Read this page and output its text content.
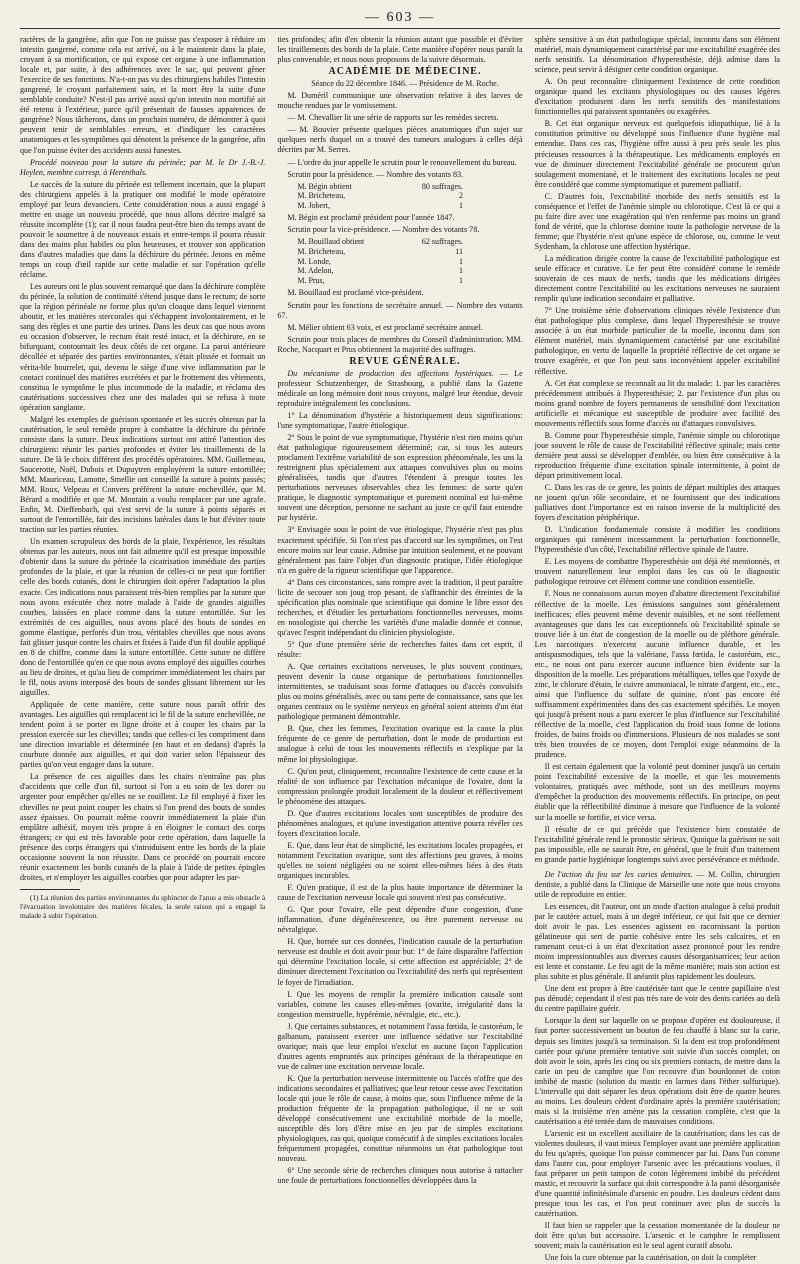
— 603 —

ractères de la gangrène, afin que l'on ne puisse pas s'exposer à réduire un intestin gangrené, comme cela est arrivé, ou à le maintenir dans la plaie, croyant à sa mortification, ce qui expose cet organe à une inflammation locale et, par suite, à des adhérences avec le sac, qui peuvent gêner l'exercice de ses fonctions. N'a-t-on pas vu des chirurgiens habiles l'intestin gangrené, le croyant parfaitement sain, et la mort être la suite d'une semblable conduite? N'est-il pas arrivé aussi qu'on intestin non mortifié ait été retenu à l'extérieur, parce qu'il présentait de fausses apparences de gangrène? Nous tâcherons, dans un prochain numéro, de démontrer à quoi peuvent tenir de semblables erreurs, et d'indiquer les caractères anatomiques et les symptômes qui dénotent la présence de la gangrène, afin que l'on puisse éviter des accidents aussi funestes.

Procédé nouveau pour la suture du périnée; par M. le Dr J.-B.-J. Heylen, membre corresp. à Herenthals.

Le succès de la suture du périnée est tellement incertain, que la plupart des chirurgiens appelés à la pratiquer ont modifié le mode opératoire employé par leurs devanciers. Cette considération nous a aussi engagé à mettre en usage un nouveau procédé, que nous allons décrire malgré sa réussite incomplète (1); car il nous faudra peut-être bien du temps avant de pouvoir le soumettre à de nouveaux essais et entre-temps il pourra réussir dans des mains plus habiles ou plus heureuses, et trouver son application dans d'autres maladies que dans la déchirure du périnée. Jetons en même temps un coup d'œil rapide sur cette maladie et sur l'opération qu'elle réclame.

Les auteurs ont le plus souvent remarqué que dans la déchirure complète du périnée, la solution de continuité s'étend jusque dans le rectum; de sorte que la région périnéale ne forme plus qu'un cloaque dans lequel viennent aboutir, et les matières stercorales qui s'échappent involontairement, et le sang des règles et une partie des urines. Dans les deux cas que nous avons eu occasion d'observer, le rectum était resté intact, et la déchirure, en se bifurquant, contournait les deux côtés de cet organe. La paroi antérieure décollée et séparée des parties environnantes, s'était plissée et formait un vérita-ble bourrelet, qui, devenu le siège d'une vive inflammation par le contact continuel des matières excrétées et par le frottement des vêtements, constitua le symptôme le plus incommode de la maladie, et réclama des cautérisations successives chez une des malades qui se refusa à toute opération sanglante.

Malgré les exemples de guérison spontanée et les succès obtenus par la cautérisation, le seul remède propre à combattre la déchirure du périnée consiste dans la suture. Deux indications surtout ont attiré l'attention des chirurgiens: réunir les parties profondes et éviter les tiraillements de la suture. De là le choix différent des procédés opératoires. MM. Guillemeau, Saucerotte, Noël, Dubois et Dupuytren employèrent la suture entortillée; MM. Mauriceau, Lamotte, Smellie ont conseillé la suture à points passés; MM. Roux, Velpeau et Convers préfèrent la suture enchevillée, que M. Bérard a modifiée et que M. Montain a voulu remplacer par une agrafe. Enfin, M. Dieffenbach, qui s'est servi de la suture à points séparés et surtout de l'entortillée, fait des incisions latérales dans le but d'éviter toute traction sur les parties réunies.

Un examen scrupuleux des bords de la plaie, l'expérience, les résultats obtenus par les auteurs, nous ont fait admettre qu'il est presque impossible d'obtenir dans la suture du périnée la cicatrisation immédiate des parties profondes de la plaie, et que la réunion de celles-ci ne peut que fortifier celle des bords cutanés, dont le chirurgien doit opérer l'adaptation la plus exacte. Ces indications nous paraissent très-bien remplies par la suture que nous avons exécutée chez notre malade à l'aide de grandes aiguilles courbes, laissées en place comme dans la suture entortillée. Sur les extrémités de ces aiguilles, nous avons placé des bouts de sondes en gomme élastique, perforés d'un trou, véritables chevilles que nous avons fait glisser jusque contre les chairs et fixées à l'aide d'un fil double appliqué en 8 de chiffre, comme dans la suture entortillée. Cette suture ne diffère donc de l'entortillée qu'en ce que nous avons employé des aiguilles courbes au lieu de droites, et qu'au lieu de comprimer immédiatement les chairs par le fil, nous avons interposé des bouts de sondes glissant librement sur les aiguilles.

Appliquée de cette manière, cette suture nous paraît offrir des avantages. Les aiguilles qui remplacent ici le fil de la suture enchevillée, ne tendent point à se porter en ligne droite et à couper les chairs par la pression exercée sur les chevilles; tandis que celles-ci les compriment dans une direction invariable et déterminée (en haut et en dedans) d'après la courbure donnée aux aiguilles, et qui doit varier selon l'épaisseur des parties qu'on veut engager dans la suture.

La présence de ces aiguilles dans les chairs n'entraîne pas plus d'accidents que celle d'un fil, surtout si l'on a eu soin de les dorer ou argenter pour empêcher qu'elles ne se rouillent. Le fil employé à fixer les chevilles ne peut point couper les chairs si l'on prend des bouts de sondes assez épaisses. On pourrait même couvrir immédiatement la plaie d'un emplâtre adhésif, moyen très propre à en éloigner le contact des corps étrangers; ce qui est très favorable pour cette opération, dans laquelle la présence des corps étrangers qui s'introduisent entre les bords de la plaie occasionne souvent la non réussite. Dans ce procédé on pourrait encore réunir exactement les bords cutanés de la plaie à l'aide de petites épingles droites, et n'employer les aiguilles courbes que pour adapter les par-

(1) La réunion des parties environnantes du sphincter de l'anus a mis obstacle à l'évacuation involontaire des matières fécales, la seule raison qui a engagé la malade à subir l'opération.

ties profondes; afin d'en obtenir la réunion autant que possible et d'éviter les tiraillements des bords de la plaie. Cette manière d'opérer nous paraît la plus convenable, et nous nous proposons de la suivre désormais.

ACADÉMIE DE MÉDECINE.

Séance du 22 décembre 1846. — Présidence de M. Roche.

M. Duméril communique une observation relative à des larves de mouche rendues par le vomissement.

— M. Chevallier lit une série de rapports sur les remèdes secrets.

— M. Bouvier présente quelques pièces anatomiques d'un sujet sur quelques nerfs duquel on a trouvé des tumeurs analogues à celles déjà décrites par M. Serres.

— L'ordre du jour appelle le scrutin pour le renouvellement du bureau.

Scrutin pour la présidence. — Nombre des votants 83.

M. Bégin obtient	80 suffrages.
M. Bricheteau,	2
M. Jobert,	1

M. Bégin est proclamé président pour l'année 1847.

Scrutin pour la vice-présidence. — Nombre des votants 78.

M. Bouillaud obtient	62 suffrages.
M. Bricheteau,	11
M. Londe,	1
M. Adelon,	1
M. Prus,	1

M. Bouillaud est proclamé vice-président.

Scrutin pour les fonctions de secrétaire annuel. — Nombre des votants 67.

M. Mélier obtient 63 voix, et est proclamé secrétaire annuel.

Scrutin pour trois places de membres du Conseil d'administration. MM. Roche, Nacquart et Prus obtiennent la majorité des suffrages.

REVUE GÉNÉRALE.

Du mécanisme de production des affections hystériques. — Le professeur Schutzenberger, de Strasbourg, a publié dans la Gazette médicale un long mémoire dont nous croyons, malgré leur étendue, devoir reproduire intégralement les conclusions.

1° La dénomination d'hystérie a historiquement deux significations: l'une symptomatique, l'autre étiologique.

2° Sous le point de vue symptomatique, l'hystérie n'est rien moins qu'un état pathologique rigoureusement déterminé; car, si tous les auteurs proclament l'extrême variabilité de son expression phénoménale, les uns la restreignent plus spécialement aux attaques convulsives plus ou moins généralisées, tandis que d'autres l'étendent à presque toutes les perturbations nerveuses observables chez les femmes: de sorte qu'en pratique, le diagnostic symptomatique et purement nominal est lui-même souvent une déception, personne ne sachant au juste ce qu'il faut entendre par hystérie.

3° Envisagée sous le point de vue étiologique, l'hystérie n'est pas plus exactement spécifiée. Si l'on n'est pas d'accord sur les symptômes, on l'est encore moins sur leur cause. Admise par intuition seulement, et ne pouvant généralement pas faire l'objet d'un diagnostic pratique, l'idée étiologique n'a en guère de la rigueur scientifique que l'apparence.

4° Dans ces circonstances, sans rompre avec la tradition, il peut paraître licite de secouer son joug trop pesant, de s'affranchir des étreintes de la spécification plus nominale que scientifique qui domine le libre essor des recherches, et d'étudier les perturbations fonctionnelles nerveuses, moins en nosologiste qui cherche les variétés d'une maladie donnée et connue, qu'avec l'esprit indépendant du clinicien physiologiste.

5° Que d'une première série de recherches faites dans cet esprit, il résulte:

A. Que certaines excitations nerveuses, le plus souvent continues, peuvent devenir la cause organique de perturbations fonctionnelles intermittentes, se traduisant sous forme d'attaques ou d'accès convulsifs plus ou moins généralisés, avec ou sans perte de connaissance, sans que les organes centraux ou le système nerveux en général soient atteints d'un état pathologique permanent démontrable.

B. Que, chez les femmes, l'excitation ovarique est la cause la plus fréquente de ce genre de perturbation, dont le mode de production est analogue à celui de tous les mouvements réflectifs et s'explique par la même loi physiologique.

C. Qu'on peut, cliniquement, reconnaître l'existence de cette cause et la réalité de son influence par l'excitation mécanique de l'ovaire, dont la compression prolongée produit localement de la douleur et réflectivement le phénomène des attaques.

D. Que d'autres excitations locales sont susceptibles de produire des phénomènes analogues, et qu'une investigation attentive pourra révéler ces foyers d'excitation locale.

E. Que, dans leur état de simplicité, les excitations locales propagées, et notamment l'excitation ovarique, sont des affections peu graves, à moins qu'elles ne soient négligées ou ne soient elles-mêmes liées à des états organiques incurables.

F. Qu'en pratique, il est de la plus haute importance de déterminer la cause de l'excitation nerveuse locale qui souvent n'est pas consécutive.

G. Que pour l'ovaire, elle peut dépendre d'une congestion, d'une inflammation, d'une dégénérescence, ou être purement nerveuse ou névralgique.

H. Que, bornée sur ces données, l'indication causale de la perturbation nerveuse est double et doit avoir pour but: 1° de faire disparaître l'affection qui détermine l'excitation locale, si cette affection est appréciable; 2° de diminuer directement l'excitation ou l'excitabilité des nerfs qui représentent le foyer de l'irradiation.

I. Que les moyens de remplir la première indication causale sont variables, comme les causes elles-mêmes (ovarite, irrégularité dans la congestion menstruelle, hypérémie, névralgie, etc., etc.).

J. Que certaines substances, et notamment l'assa fœtida, le castoréum, le galbanum, paraissent exercer une influence sédative sur l'excitabilité ovarique; mais que leur emploi n'exclut en aucune façon l'application d'autres agents empruntés aux principes généraux de la thérapeutique en vue de calmer une excitation nerveuse locale.

K. Que la perturbation nerveuse intermittente ou l'accès n'offre que des indications secondaires et palliatives; que leur retour cesse avec l'excitation locale qui joue le rôle de cause, à moins que, sous l'influence même de la production fréquente de la propagation pathologique, il ne se soit développé consécutivement une excitabilité morbide de la moelle, susceptible dès lors d'être mise en jeu par de simples excitations physiologiques, cas qui, quoique consécutif à de simples excitations locales fréquemment propagées, constitue néanmoins un état pathologique tout nouveau.

6° Une seconde série de recherches cliniques nous autorise à rattacher une foule de perturbations fonctionnelles développées dans la

sphère sensitive à un état pathologique spécial, inconnu dans son élément matériel, mais dynamiquement caractérisé par une excitabilité exagérée des nerfs sensitifs. La dénomination d'hyperesthésie, déjà admise dans la science, peut servir à désigner cette condition organique.

A. On peut reconnaître cliniquement l'existence de cette condition organique quand les excitants physiologiques ou des causes légères d'excitation produisent dans les nerfs sensitifs des manifestations fonctionnelles qui paraissent spontanées ou exagérées.

B. Cet état organique nerveux est quelquefois idiopathique, lié à la constitution primitive ou développé sous l'influence d'une hygiène mal entendue. Dans ces cas, l'hygiène offre aussi à peu près seule les plus précieuses ressources à la thérapeutique. Les médicaments employés en vue de diminuer directement l'excitabilité générale ne procurent qu'un soulagement momentané, et le traitement des excitations locales ne peut être considéré que comme symptomatique et purement palliatif.

C. D'autres fois, l'excitabilité morbide des nerfs sensitifs est la conséquence et l'effet de l'anémie simple ou chlorotique. C'est là ce qui a pu faire dire avec une exagération qui n'en renferme pas moins un grand fond de vérité, que la chlorose domine toute la pathologie nerveuse de la femme; que l'hystérie n'est qu'une espèce de chlorose, ou, comme le veut Sydenham, la chlorose une affection hystérique.

La médication dirigée contre la cause de l'excitabilité pathologique est seule efficace et curative. Le fer peut être considéré comme le remède souverain de ces maux de nerfs, tandis que les médications dirigées directement contre l'excitabilité ou les excitations nerveuses ne sauraient remplir qu'une indication secondaire et palliative.

7° Une troisième série d'observations cliniques révèle l'existence d'un état pathologique plus complexe, dans lequel l'hyperesthésie se trouve associée à un état morbide particulier de la moelle, inconnu dans son élément matériel, mais dynamiquement caractérisé par une excitabilité pathologique, en vertu de laquelle la propriété réflective de cet organe se trouve exagérée, et que l'on peut sans inconvénient appeler excitabilité réflective.

A. Cet état complexe se reconnaît au lit du malade: 1. par les caractères précédemment attribués à l'hyperesthésie; 2. par l'existence d'un plus ou moins grand nombre de foyers permanents de sensibilité dont l'excitation artificielle et mécanique est susceptible de produire avec facilité des mouvements réflectifs sous forme d'accès ou d'attaques convulsives.

B. Comme pour l'hyperesthésie simple, l'anémie simple ou chlorotique joue souvent le rôle de cause de l'excitabilité réflective spinale; mais cette dernière peut aussi se développer d'emblée, ou bien être consécutive à la reproduction fréquente d'une excitation spinale intermittente, à point de départ primitivement local.

C. Dans les cas de ce genre, les points de départ multiples des attaques ne jouent qu'un rôle secondaire, et ne fournissent que des indications palliatives dont l'importance est en raison inverse de la multiplicité des foyers d'excitation périphérique.

D. L'indication fondamentale consiste à modifier les conditions organiques qui ramènent incessamment la perturbation fonctionnelle, l'hyperesthésie d'un côté, l'excitabilité réflective spinale de l'autre.

E. Les moyens de combattre l'hyperesthésie ont déjà été mentionnés, et trouvent naturellement leur emploi dans les cas où le diagnostic pathologique retrouve cet élément comme une condition essentielle.

F. Nous ne connaissons aucun moyen d'abattre directement l'excitabilité réflective de la moelle. Les émissions sanguines sont généralement inefficaces; elles peuvent même devenir nuisibles, et ne sont réellement avantageuses que dans les cas exceptionnels où l'excitabilité spinale se trouve liée à un état de congestion de la moelle ou de pléthore générale. Les narcotiques n'exercent aucune influence durable, et les antispasmodiques, tels que la valériane, l'assa fœtida, le castoréum, etc., etc., ne nous ont paru exercer aucune influence bien évidente sur la disposition de la moelle. Les préparations métalliques, telles que l'oxyde de zinc, le chlorure d'étain, le cuivre ammoniacal, le nitrate d'argent, etc., etc., ainsi que l'influence du sulfate de quinine, n'ont pas encore été suffisamment expérimentées dans des cas exactement spécifiés. Le moyen qui jusqu'à présent nous a paru exercer le plus d'influence sur l'excitabilité réflective de la moelle, c'est l'application du froid sous forme de lotions froides, de bains froids ou d'immersions. Plusieurs de nos malades se sont très bien trouvées de ce moyen, dont l'emploi exige néanmoins de la prudence.

Il est certain également que la volonté peut dominer jusqu'à un certain point l'excitabilité excessive de la moelle, et que les mouvements volontaires, pratiqués avec méthode, sont un des meilleurs moyens d'empêcher la production des mouvements réflectifs. En principe, on peut établir que la réflectibilité diminue à mesure que l'influence de la volonté sur la moelle se fortifie, et vice versa.

Il résulte de ce qui précède que l'existence bien constatée de l'excitabilité générale rend le pronostic sérieux. Quoique la guérison ne soit pas impossible, elle ne saurait être, en général, que le fruit d'un traitement en grande partie hygiénique longtemps suivi avec persévérance et méthode.

De l'action du feu sur les caries dentaires. — M. Collin, chirurgien dentiste, a publié dans la Clinique de Marseille une note que nous croyons utile de reproduire en entier.

Les essences, dit l'auteur, ont un mode d'action analogue à celui produit par le cautère actuel, mais à un degré inférieur, ce qui fait que ce dernier doit avoir le pas. Les essences agissent en racornissant la portion gélatineuse qui sert de partie cohésive entre les sels calcaires, et en ramenant ceux-ci à un état d'excitation assez prononcé pour les rendre moins impressionnables aux diverses causes désorganisatrices; leur action est lente et constante. Le feu agit de la même manière; mais son action est plus subite et plus générale. Il anéantit plus rapidement les douleurs.

Une dent est propre à être cautérisée tant que le centre papillaire n'est pas dénudé; cependant il n'est pas très rare de voir des dents cariées au delà du centre papillaire guérir.

Lorsque la dent sur laquelle on se propose d'opérer est douloureuse, il faut porter successivement un bouton de feu chauffé à blanc sur la carie, depuis ses limites jusqu'à sa terminaison. Si la dent est trop profondément cariée pour qu'une première tentative soit suivie d'un succès complet, on doit avoir le soin, après les cinq ou six premiers contacts, de mettre dans la carie un peu de camphre que l'on recouvre d'un bourdonnet de coton imbibé de mastic (solution du mastic en larmes dans l'éther sulfurique). L'intervalle qui doit séparer les deux opérations doit être de quatre heures au moins. Les douleurs cèdent d'ordinaire après la première cautérisation; mais si la troisième n'en amène pas la cessation complète, c'est que la cautérisation a été tentée dans de mauvaises conditions.

L'arsenic est un excellent auxiliaire de la cautérisation; dans les cas de violentes douleurs, il vaut mieux l'employer avant une première application du feu qu'après, quoique l'on puisse commencer par lui. Dans l'un comme dans l'autre cas, pour employer l'arsenic avec les précautions voulues, il faut préparer un petit tampon de coton légèrement imbibé du précédent mastic, et recouvrir la surface qui doit correspondre à la paroi désorganisée d'une quantité infinitésimale d'arsenic en poudre. Les douleurs cèdent dans presque tous les cas, et l'on peut continuer avec plus de succès la cautérisation.

Il faut bien se rappeler que la cessation momentanée de la douleur ne doit être qu'un but accessoire. L'arsenic et le camphre le remplissent souvent; mais la cautérisation est le seul agent curatif absolu.

Une fois la cure obtenue par la cautérisation, on doit la compléter
